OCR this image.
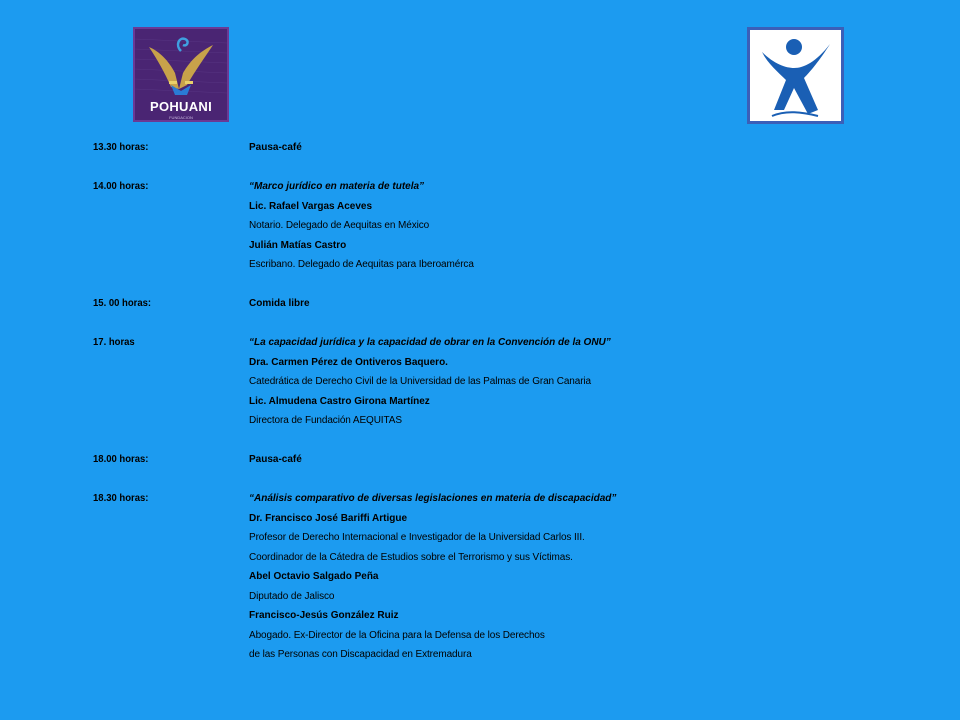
POHUANI
FUNDACION
13.30 horas:	Pausa-café
14.00 horas:	“Marco jurídico en materia de tutela”
Lic. Rafael Vargas Aceves
Notario. Delegado de Aequitas en México
Julián Matías Castro
Escribano. Delegado de Aequitas para Iberoamérca
15. 00 horas:	Comida libre
17. horas	“La capacidad jurídica y la capacidad de obrar en la Convención de la ONU”
Dra. Carmen Pérez de Ontiveros Baquero.
Catedrática de Derecho Civil de la Universidad de las Palmas de Gran Canaria
Lic. Almudena Castro Girona Martínez
Directora de Fundación AEQUITAS
18.00 horas:	Pausa-café
18.30 horas:	“Análisis comparativo de diversas legislaciones en materia de discapacidad”
Dr. Francisco José Bariffi Artigue
Profesor de Derecho Internacional e Investigador de la Universidad Carlos III.
Coordinador de la Cátedra de Estudios sobre el Terrorismo y sus Víctimas.
Abel Octavio Salgado Peña
Diputado de Jalisco
Francisco-Jesús González Ruiz
Abogado. Ex-Director de la Oficina para la Defensa de los Derechos
de las Personas con Discapacidad en Extremadura
